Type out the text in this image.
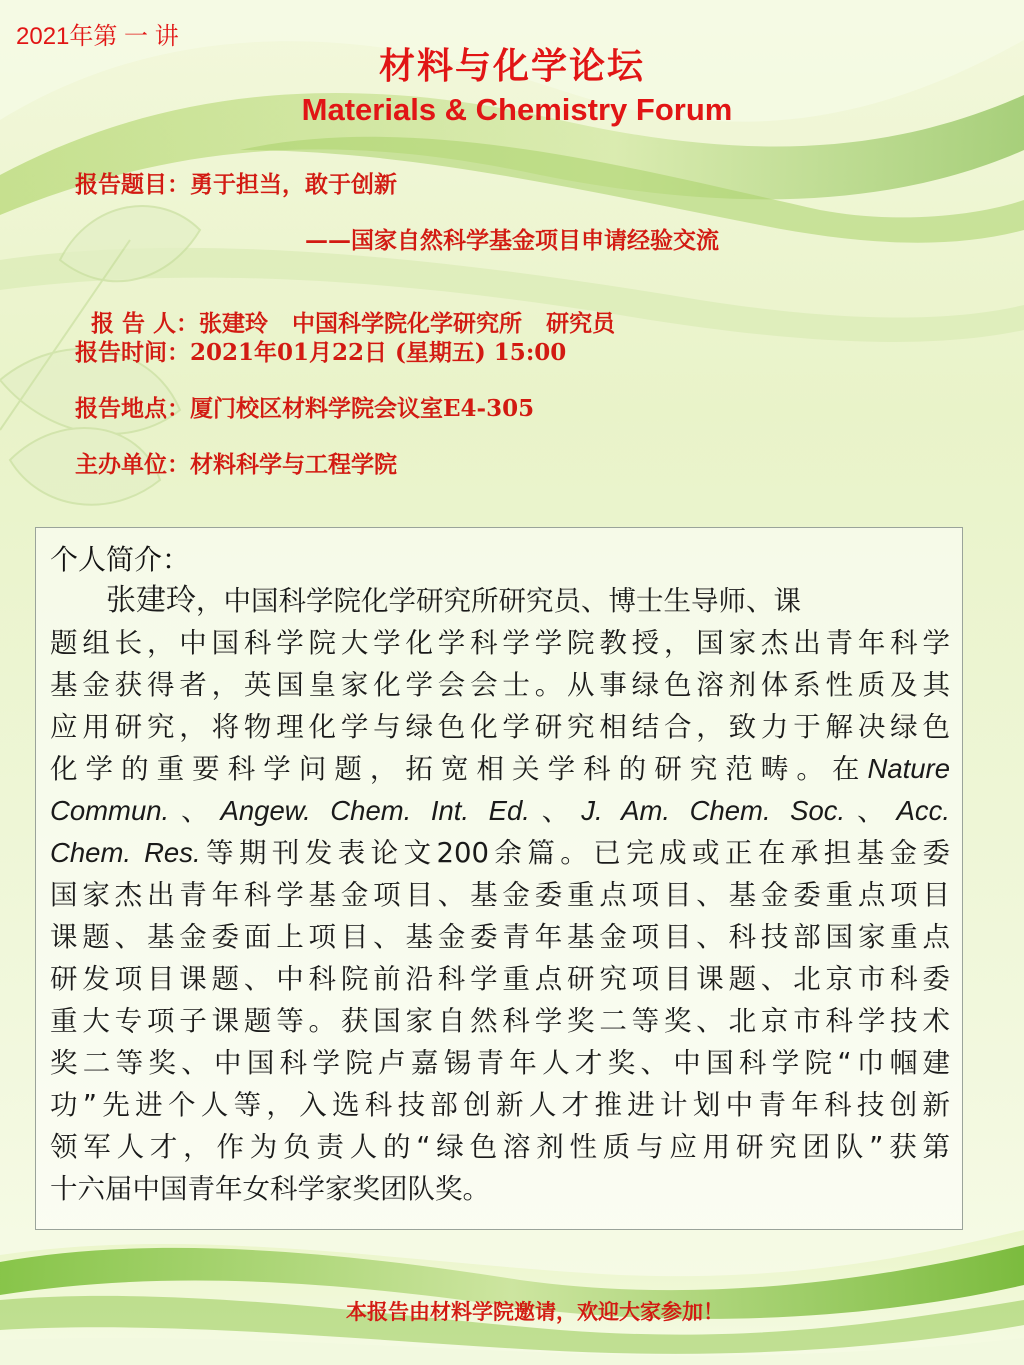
2021年第 一 讲
材料与化学论坛
Materials & Chemistry Forum
报告题目：勇于担当，敢于创新
——国家自然科学基金项目申请经验交流

报 告 人：张建玲   中国科学院化学研究所   研究员

报告时间：2021年01月22日 (星期五) 15:00
报告地点：厦门校区材料学院会议室E4-305
主办单位：材料科学与工程学院
个人简介：
张建玲，中国科学院化学研究所研究员、博士生导师、课
题组长，中国科学院大学化学科学学院教授，国家杰出青年科学
基金获得者，英国皇家化学会会士。从事绿色溶剂体系性质及其
应用研究，将物理化学与绿色化学研究相结合，致力于解决绿色
化学的重要科学问题，拓宽相关学科的研究范畴。在Nature
Commun.、Angew. Chem. Int. Ed.、J. Am. Chem. Soc.、Acc.
Chem. Res.等期刊发表论文200余篇。已完成或正在承担基金委
国家杰出青年科学基金项目、基金委重点项目、基金委重点项目
课题、基金委面上项目、基金委青年基金项目、科技部国家重点
研发项目课题、中科院前沿科学重点研究项目课题、北京市科委
重大专项子课题等。获国家自然科学奖二等奖、北京市科学技术
奖二等奖、中国科学院卢嘉锡青年人才奖、中国科学院“巾帼建
功”先进个人等，入选科技部创新人才推进计划中青年科技创新
领军人才，作为负责人的“绿色溶剂性质与应用研究团队”获第
十六届中国青年女科学家奖团队奖。
本报告由材料学院邀请，欢迎大家参加！
